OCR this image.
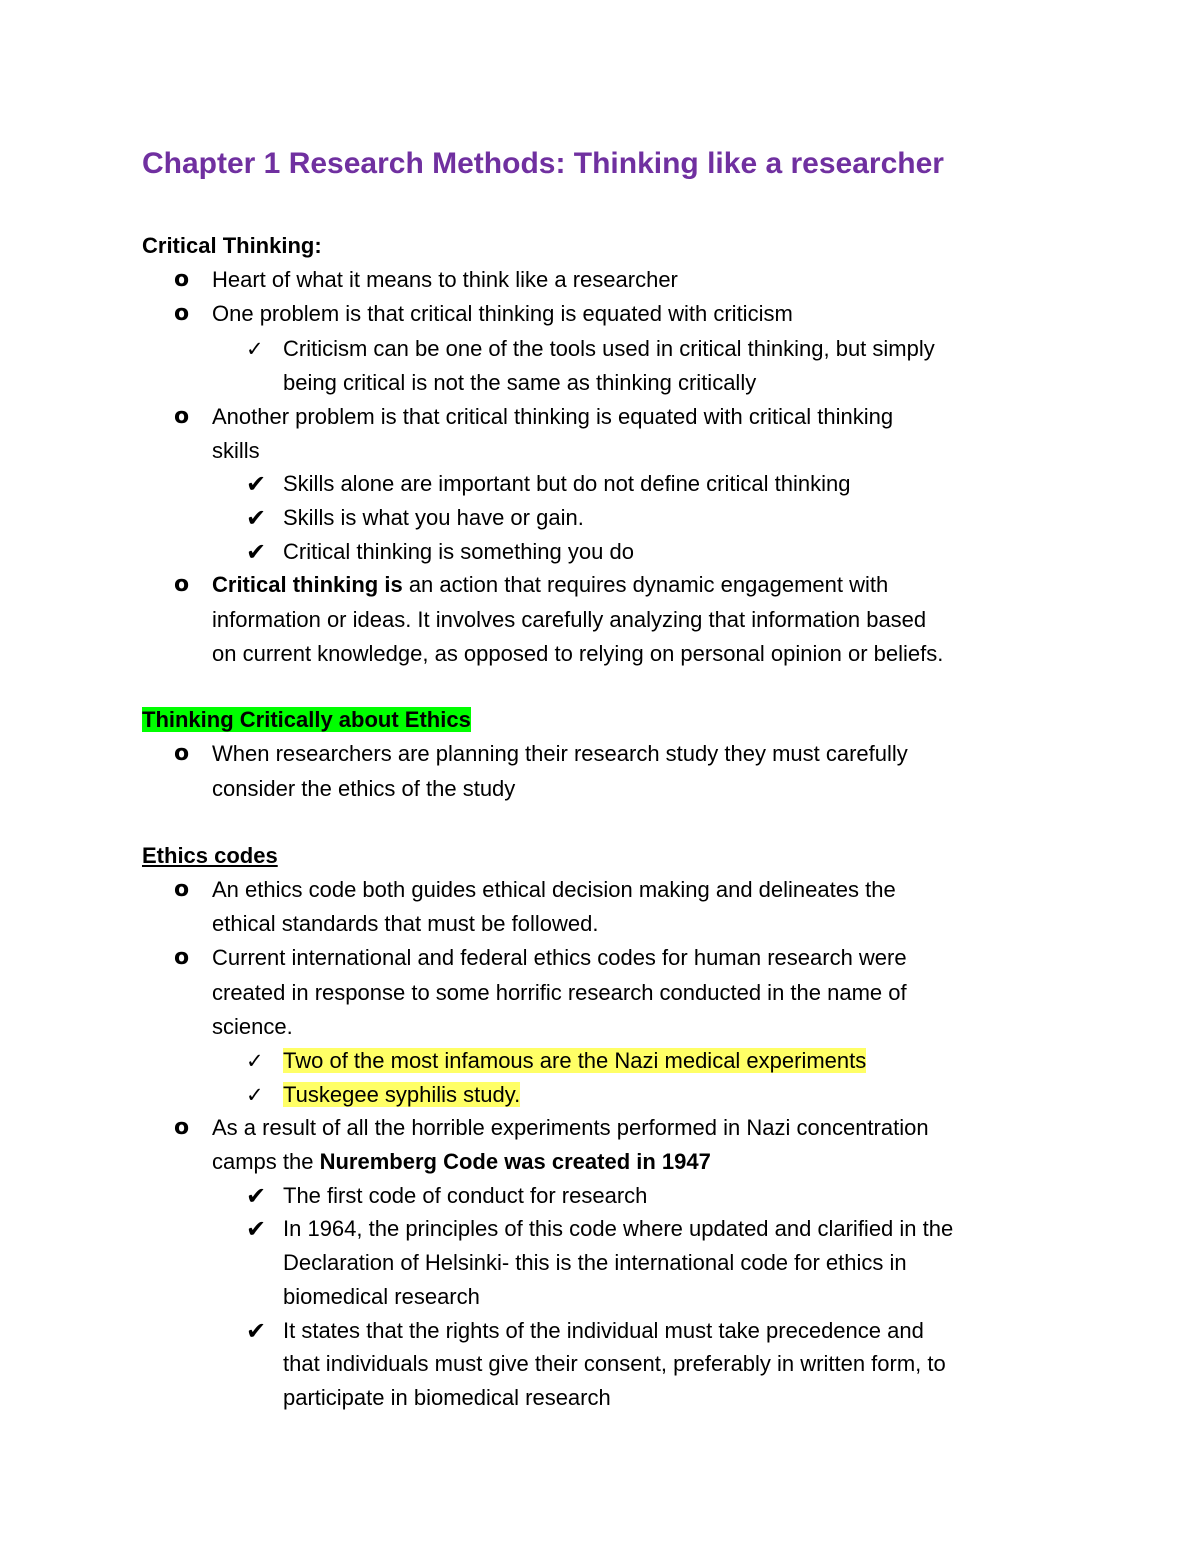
Chapter 1 Research Methods: Thinking like a researcher
Critical Thinking:
o Heart of what it means to think like a researcher
o One problem is that critical thinking is equated with criticism
✓ Criticism can be one of the tools used in critical thinking, but simply
being critical is not the same as thinking critically
o Another problem is that critical thinking is equated with critical thinking
skills
✔ Skills alone are important but do not define critical thinking
✔ Skills is what you have or gain.
✔ Critical thinking is something you do
o Critical thinking is an action that requires dynamic engagement with
information or ideas. It involves carefully analyzing that information based
on current knowledge, as opposed to relying on personal opinion or beliefs.
Thinking Critically about Ethics
o When researchers are planning their research study they must carefully
consider the ethics of the study
Ethics codes
o An ethics code both guides ethical decision making and delineates the
ethical standards that must be followed.
o Current international and federal ethics codes for human research were
created in response to some horrific research conducted in the name of
science.
✓ Two of the most infamous are the Nazi medical experiments
✓ Tuskegee syphilis study.
o As a result of all the horrible experiments performed in Nazi concentration
camps the Nuremberg Code was created in 1947
✔ The first code of conduct for research
✔ In 1964, the principles of this code where updated and clarified in the
Declaration of Helsinki- this is the international code for ethics in
biomedical research
✔ It states that the rights of the individual must take precedence and
that individuals must give their consent, preferably in written form, to
participate in biomedical research
